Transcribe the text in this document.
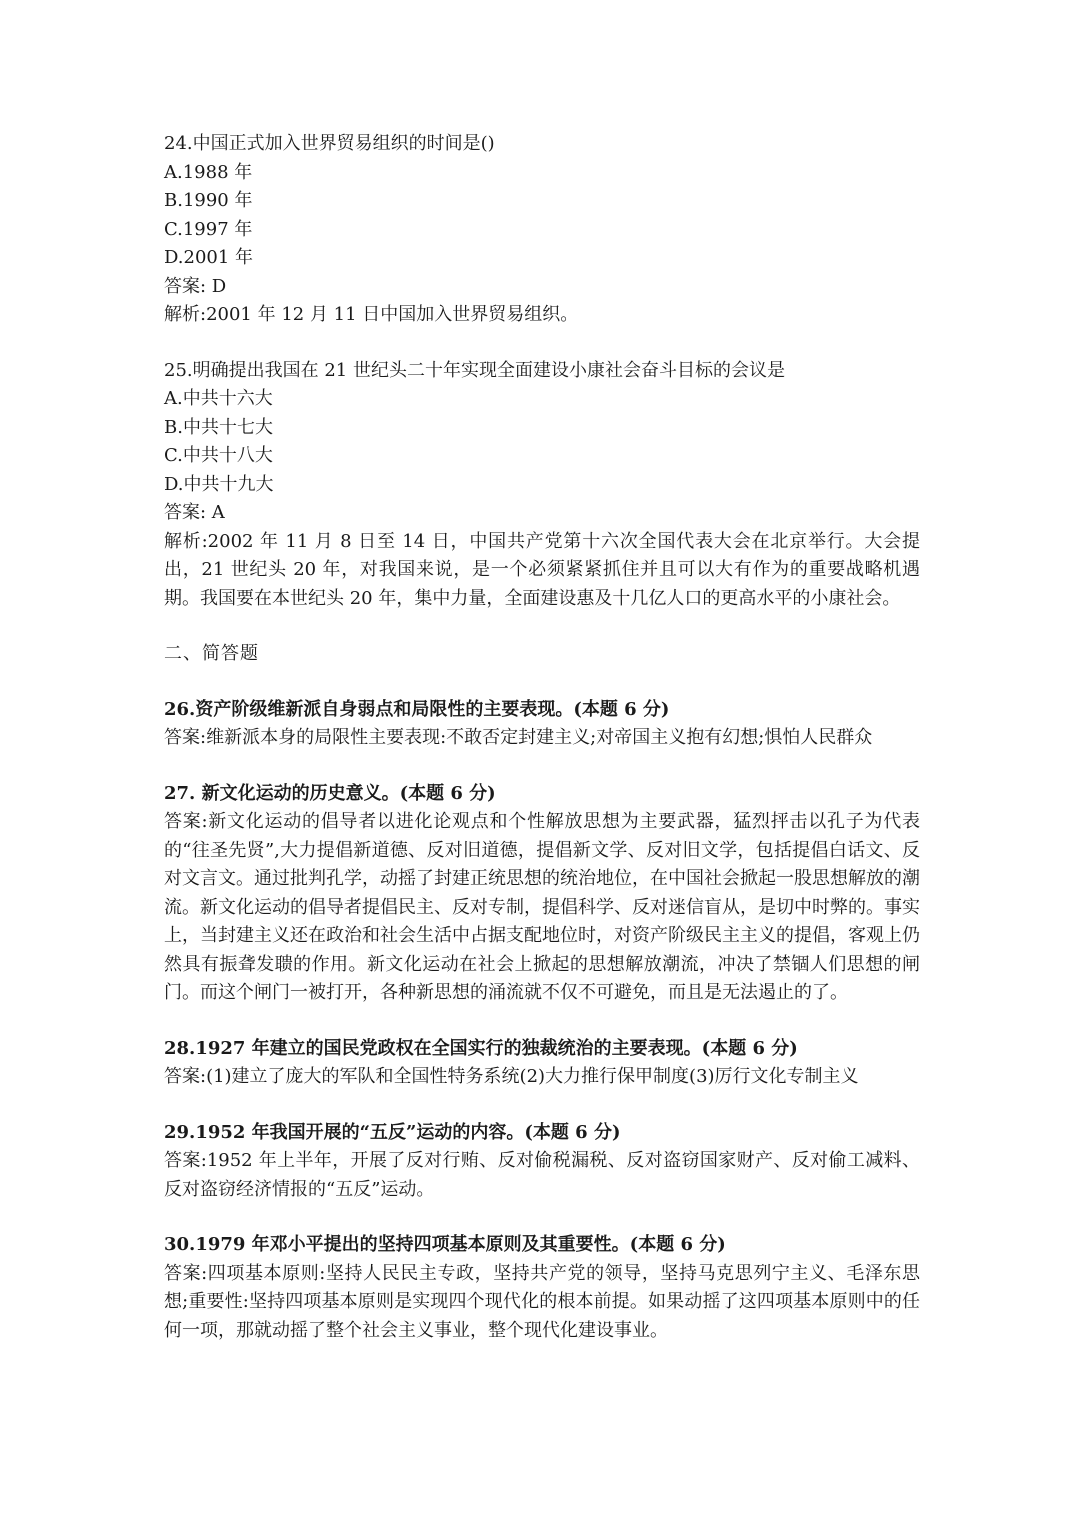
24.中国正式加入世界贸易组织的时间是()
A.1988 年
B.1990 年
C.1997 年
D.2001 年
答案: D
解析:2001 年 12 月 11 日中国加入世界贸易组织。
25.明确提出我国在 21 世纪头二十年实现全面建设小康社会奋斗目标的会议是
A.中共十六大
B.中共十七大
C.中共十八大
D.中共十九大
答案: A
解析:2002 年 11 月 8 日至 14 日，中国共产党第十六次全国代表大会在北京举行。大会提出，21 世纪头 20 年，对我国来说，是一个必须紧紧抓住并且可以大有作为的重要战略机遇期。我国要在本世纪头 20 年，集中力量，全面建设惠及十几亿人口的更高水平的小康社会。
二、简答题
26.资产阶级维新派自身弱点和局限性的主要表现。(本题 6 分)
答案:维新派本身的局限性主要表现:不敢否定封建主义;对帝国主义抱有幻想;惧怕人民群众
27. 新文化运动的历史意义。(本题 6 分)
答案:新文化运动的倡导者以进化论观点和个性解放思想为主要武器，猛烈抨击以孔子为代表的“往圣先贤”,大力提倡新道德、反对旧道德，提倡新文学、反对旧文学，包括提倡白话文、反对文言文。通过批判孔学，动摇了封建正统思想的统治地位，在中国社会掀起一股思想解放的潮流。新文化运动的倡导者提倡民主、反对专制，提倡科学、反对迷信盲从，是切中时弊的。事实上，当封建主义还在政治和社会生活中占据支配地位时，对资产阶级民主主义的提倡，客观上仍然具有振聋发聩的作用。新文化运动在社会上掀起的思想解放潮流，冲决了禁锢人们思想的闸门。而这个闸门一被打开，各种新思想的涌流就不仅不可避免，而且是无法遏止的了。
28.1927 年建立的国民党政权在全国实行的独裁统治的主要表现。(本题 6 分)
答案:(1)建立了庞大的军队和全国性特务系统(2)大力推行保甲制度(3)厉行文化专制主义
29.1952 年我国开展的“五反”运动的内容。(本题 6 分)
答案:1952 年上半年，开展了反对行贿、反对偷税漏税、反对盗窃国家财产、反对偷工减料、反对盗窃经济情报的“五反”运动。
30.1979 年邓小平提出的坚持四项基本原则及其重要性。(本题 6 分)
答案:四项基本原则:坚持人民民主专政，坚持共产党的领导，坚持马克思列宁主义、毛泽东思想;重要性:坚持四项基本原则是实现四个现代化的根本前提。如果动摇了这四项基本原则中的任何一项，那就动摇了整个社会主义事业，整个现代化建设事业。
